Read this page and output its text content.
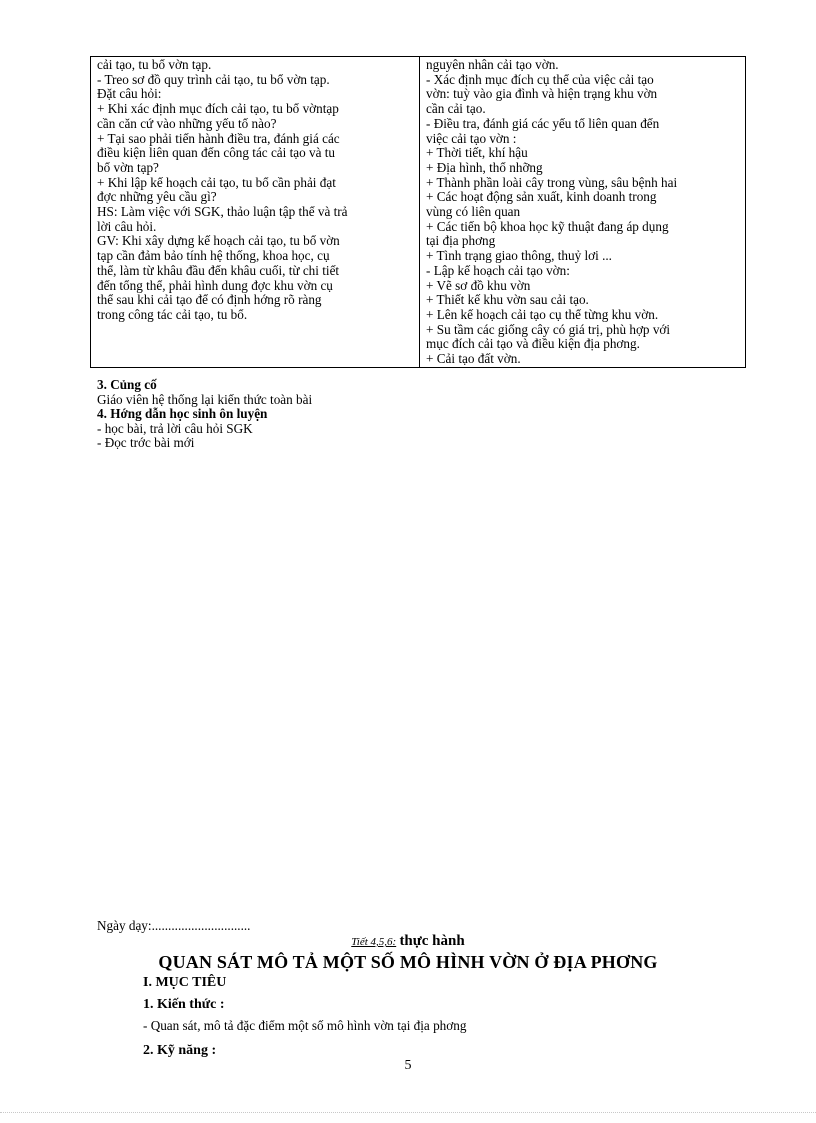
cải tạo, tu bổ vờn tạp.
- Treo sơ đồ quy trình cải tạo, tu bổ vờn tạp.
Đặt câu hỏi:
+ Khi xác định mục đích cải tạo, tu bổ vờntạp
cần căn cứ vào những yếu tố nào?
+ Tại sao phải tiến hành điều tra, đánh giá các
điều kiện liên quan đến công tác cải tạo và tu
bổ vờn tạp?
+ Khi lập kế hoạch cải tạo, tu bổ cần phải đạt
đợc những yêu cầu gì?
HS: Làm việc với SGK, thảo luận tập thể và trả
lời câu hỏi.
GV: Khi xây dựng kế hoạch cải tạo, tu bổ vờn
tạp cần đảm bảo tính hệ thống, khoa học, cụ
thể, làm từ khâu đầu đến khâu cuối, từ chi tiết
đến tổng thể, phải hình dung đợc khu vờn cụ
thể sau khi cải tạo để có định hớng rõ ràng
trong công tác cải tạo, tu bổ.

nguyên nhân cải tạo vờn.
- Xác định mục đích cụ thể của việc cải tạo
vờn: tuỳ vào gia đình và hiện trạng khu vờn
cần cải tạo.
- Điều tra, đánh giá các yếu tố liên quan đến
việc cải tạo vờn :
+ Thời tiết, khí hậu
+ Địa hình, thổ nhỡng
+ Thành phần loài cây trong vùng, sâu bệnh hai
+ Các hoạt động sản xuất, kinh doanh trong
vùng có liên quan
+ Các tiến bộ khoa học kỹ thuật đang áp dụng
tại địa phơng
+ Tình trạng giao thông, thuỷ lơi ...
- Lập kế hoạch cải tạo vờn:
+ Vẽ sơ đồ khu vờn
+ Thiết kế khu vờn sau cải tạo.
+ Lên kế hoạch cải tạo cụ thể từng khu vờn.
+ Su tầm các giống cây có giá trị, phù hợp với
mục đích cải tạo và điều kiện địa phơng.
+ Cải tạo đất vờn.
3. Củng cố
Giáo viên hệ thống lại kiến thức toàn bài
4. Hớng dẫn học sinh ôn luyện
- học bài, trả lời câu hỏi SGK
- Đọc trớc bài mới
Ngày dạy:..............................
Tiết 4,5,6: thực hành
QUAN SÁT MÔ TẢ MỘT SỐ MÔ HÌNH VỜN Ở ĐỊA PHƠNG
I. MỤC TIÊU
1. Kiến thức :
- Quan sát, mô tả đặc điểm một số mô hình vờn tại địa phơng
2. Kỹ năng :
5
